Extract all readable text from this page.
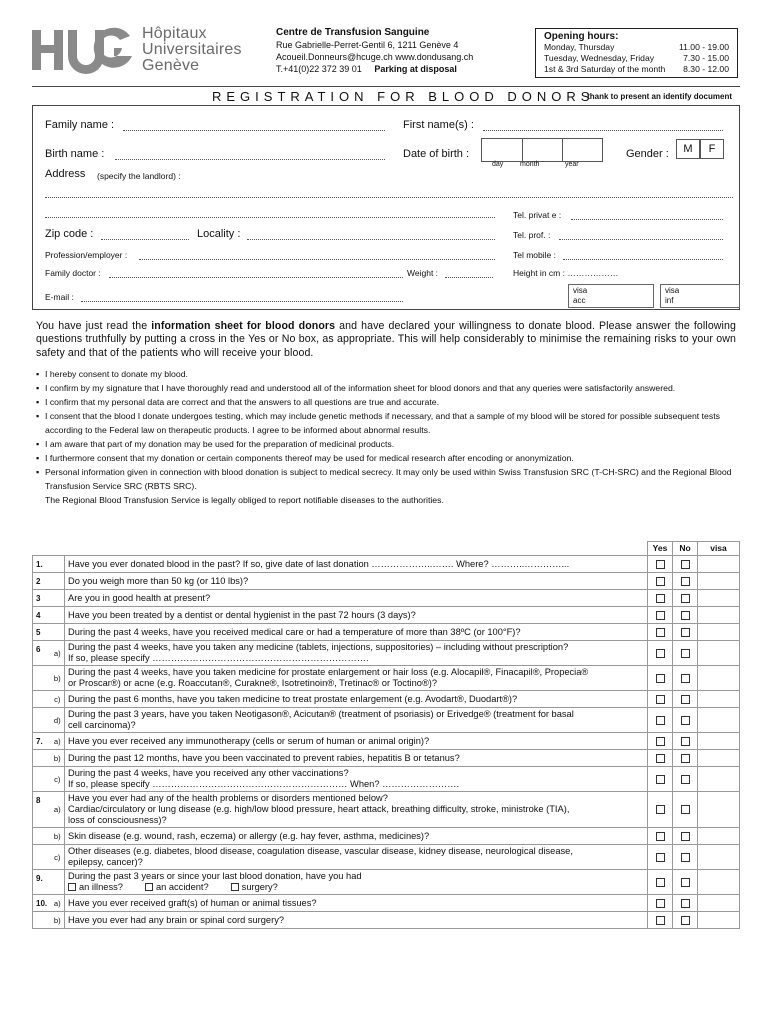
Hôpitaux
Universitaires
Genève
Centre de Transfusion Sanguine
Rue Gabrielle-Perret-Gentil 6, 1211 Genève 4
Acoueil.Donneurs@hcuge.ch www.dondusang.ch
T.+41(0)22 372 39 01 Parking at disposal
Opening hours:
Monday, Thursday	11.00 - 19.00
Tuesday, Wednesday, Friday	7.30 - 15.00
1st & 3rd Saturday of the month 8.30 - 12.00
REGISTRATION FOR BLOOD DONORS
thank to present an identify document
Family name :	First name(s) :
Birth name :	Date of birth :
day month	year
Gender :	M	F
Address (specify the landlord) :
Tel. privat e :
Zip code :	Locality :	Tel. prof. :
Profession/employer :	Tel mobile :
Family doctor :	Weight :	Height in cm : ………………
E-mail :
visa
acc
visa
inf
You have just read the information sheet for blood donors and have declared your willingness to donate blood. Please answer the following questions truthfully by putting a cross in the Yes or No box, as appropriate. This will help considerably to minimise the remaining risks to your own safety and that of the patients who will receive your blood.
▪ I hereby consent to donate my blood.
▪ I confirm by my signature that I have thoroughly read and understood all of the information sheet for blood donors and that any queries were satisfactorily answered.
▪ I confirm that my personal data are correct and that the answers to all questions are true and accurate.
▪ I consent that the blood I donate undergoes testing, which may include genetic methods if necessary, and that a sample of my blood will be stored for possible subsequent tests according to the Federal law on therapeutic products. I agree to be informed about abnormal results.
▪ I am aware that part of my donation may be used for the preparation of medicinal products.
▪ I furthermore consent that my donation or certain components thereof may be used for medical research after encoding or anonymization.
▪ Personal information given in connection with blood donation is subject to medical secrecy. It may only be used within Swiss Transfusion SRC (T-CH-SRC) and the Regional Blood Transfusion Service SRC (RBTS SRC).
The Regional Blood Transfusion Service is legally obliged to report notifiable diseases to the authorities.
			Yes	No	visa
1.		Have you ever donated blood in the past? If so, give date of last donation ………………..……. Where? ………..…………...			

2		Do you weigh more than 50 kg (or 110 lbs)?			

3		Are you in good health at present?			

4		Have you been treated by a dentist or dental hygienist in the past 72 hours (3 days)?			

5		During the past 4 weeks, have you received medical care or had a temperature of more than 38ºC (or 100°F)?			

6	a)	During the past 4 weeks, have you taken any medicine (tablets, injections, suppositories) – including without prescription?
If so, please specify …………………………………………………………….			

	b)	During the past 4 weeks, have you taken medicine for prostate enlargement or hair loss (e.g. Alocapil®, Finacapil®, Propecia®
or Proscar®) or acne (e.g. Roaccutan®, Curakne®, Isotretinoin®, Tretinac® or Toctino®)?			

	c)	During the past 6 months, have you taken medicine to treat prostate enlargement (e.g. Avodart®, Duodart®)?			

	d)	During the past 3 years, have you taken Neotigason®, Acicutan® (treatment of psoriasis) or Erivedge® (treatment for basal
cell carcinoma)?			

7.	a)	Have you ever received any immunotherapy (cells or serum of human or animal origin)?			

	b)	During the past 12 months, have you been vaccinated to prevent rabies, hepatitis B or tetanus?			

	c)	During the past 4 weeks, have you received any other vaccinations?
If so, please specify ……………………………………………………… When? …………………….			

8	a)	Have you ever had any of the health problems or disorders mentioned below?
Cardiac/circulatory or lung disease (e.g. high/low blood pressure, heart attack, breathing difficulty, stroke, ministroke (TIA),
loss of consciousness)?			

	b)	Skin disease (e.g. wound, rash, eczema) or allergy (e.g. hay fever, asthma, medicines)?			

	c)	Other diseases (e.g. diabetes, blood disease, coagulation disease, vascular disease, kidney disease, neurological disease,
epilepsy, cancer)?			

9.		During the past 3 years or since your last blood donation, have you had
an illness? an accident? surgery?			

10.	a)	Have you ever received graft(s) of human or animal tissues?			

	b)	Have you ever had any brain or spinal cord surgery?			
